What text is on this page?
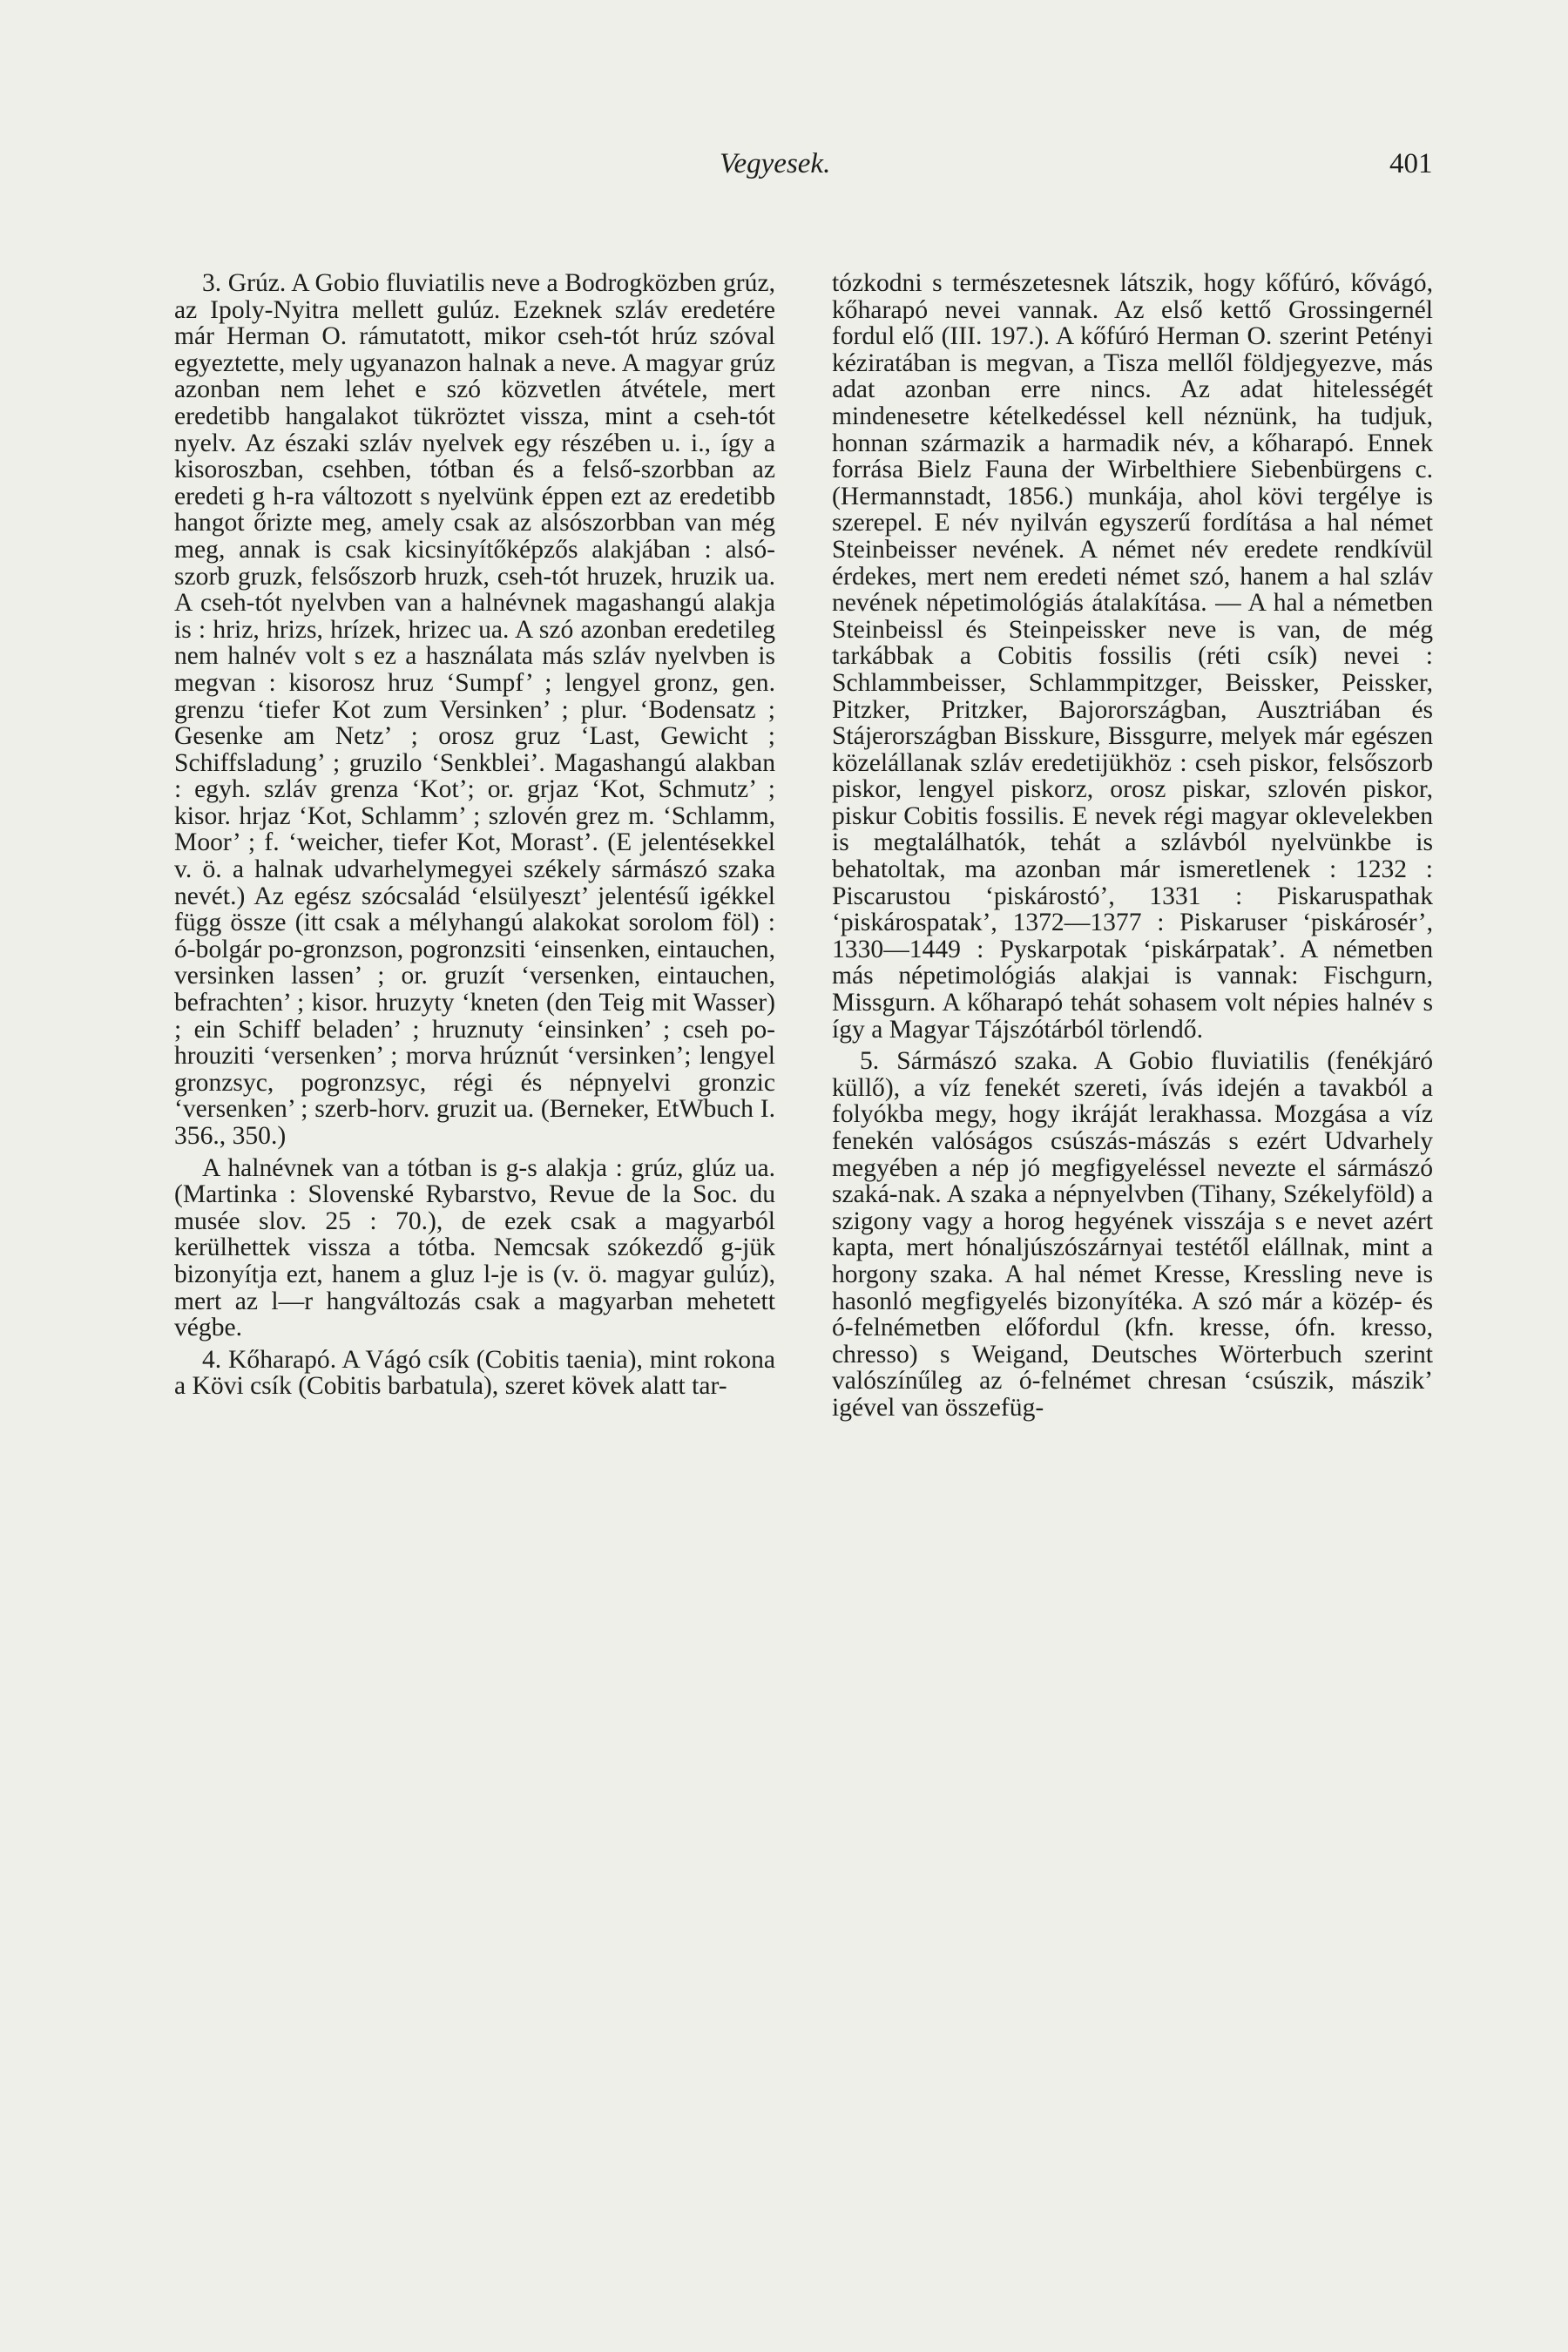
Vegyesek.	401

3. Grúz. A Gobio fluviatilis neve a Bodrogközben grúz, az Ipoly-Nyitra mellett gulúz. Ezeknek szláv eredetére már Herman O. rámutatott, mikor cseh-tót hrúz szóval egyeztette, mely ugyanazon halnak a neve. A magyar grúz azonban nem lehet e szó közvetlen átvétele, mert eredetibb hangalakot tükröztet vissza, mint a cseh-tót nyelv. Az északi szláv nyelvek egy részében u. i., így a kisoroszban, csehben, tótban és a felső-szorbban az eredeti g h-ra változott s nyelvünk éppen ezt az eredetibb hangot őrizte meg, amely csak az alsószorbban van még meg, annak is csak kicsinyítőképzős alakjában : alsó-szorb gruzk, felsőszorb hruzk, cseh-tót hruzek, hruzik ua. A cseh-tót nyelvben van a halnévnek magashangú alakja is : hriz, hrizs, hrízek, hrizec ua. A szó azonban eredetileg nem halnév volt s ez a használata más szláv nyelvben is megvan : kisorosz hruz ‘Sumpf’ ; lengyel gronz, gen. grenzu ‘tiefer Kot zum Versinken’ ; plur. ‘Bodensatz ; Gesenke am Netz’ ; orosz gruz ‘Last, Gewicht ; Schiffsladung’ ; gruzilo ‘Senkblei’. Magashangú alakban : egyh. szláv grenza ‘Kot’; or. grjaz ‘Kot, Schmutz’ ; kisor. hrjaz ‘Kot, Schlamm’ ; szlovén grez m. ‘Schlamm, Moor’ ; f. ‘weicher, tiefer Kot, Morast’. (E jelentésekkel v. ö. a halnak udvarhelymegyei székely sármászó szaka nevét.) Az egész szócsalád ‘elsülyeszt’ jelentésű igékkel függ össze (itt csak a mélyhangú alakokat sorolom föl) : ó-bolgár po-gronzson, pogronzsiti ‘einsenken, eintauchen, versinken lassen’ ; or. gruzít ‘versenken, eintauchen, befrachten’ ; kisor. hruzyty ‘kneten (den Teig mit Wasser) ; ein Schiff beladen’ ; hruznuty ‘einsinken’ ; cseh po-hrouziti ‘versenken’ ; morva hrúznút ‘versinken’; lengyel gronzsyc, pogronzsyc, régi és népnyelvi gronzic ‘versenken’ ; szerb-horv. gruzit ua. (Berneker, EtWbuch I. 356., 350.)

A halnévnek van a tótban is g-s alakja : grúz, glúz ua. (Martinka : Slovenské Rybarstvo, Revue de la Soc. du musée slov. 25 : 70.), de ezek csak a magyarból kerülhettek vissza a tótba. Nemcsak szókezdő g-jük bizonyítja ezt, hanem a gluz l-je is (v. ö. magyar gulúz), mert az l—r hangváltozás csak a magyarban mehetett végbe.

4. Kőharapó. A Vágó csík (Cobitis taenia), mint rokona a Kövi csík (Cobitis barbatula), szeret kövek alatt tar-

tózkodni s természetesnek látszik, hogy kőfúró, kővágó, kőharapó nevei vannak. Az első kettő Grossingernél fordul elő (III. 197.). A kőfúró Herman O. szerint Petényi kéziratában is megvan, a Tisza mellől földjegyezve, más adat azonban erre nincs. Az adat hitelességét mindenesetre kételkedéssel kell néznünk, ha tudjuk, honnan származik a harmadik név, a kőharapó. Ennek forrása Bielz Fauna der Wirbelthiere Siebenbürgens c. (Hermannstadt, 1856.) munkája, ahol kövi tergélye is szerepel. E név nyilván egyszerű fordítása a hal német Steinbeisser nevének. A német név eredete rendkívül érdekes, mert nem eredeti német szó, hanem a hal szláv nevének népetimológiás átalakítása. — A hal a németben Steinbeissl és Steinpeissker neve is van, de még tarkábbak a Cobitis fossilis (réti csík) nevei : Schlammbeisser, Schlammpitzger, Beissker, Peissker, Pitzker, Pritzker, Bajorországban, Ausztriában és Stájerországban Bisskure, Bissgurre, melyek már egészen közelállanak szláv eredetijükhöz : cseh piskor, felsőszorb piskor, lengyel piskorz, orosz piskar, szlovén piskor, piskur Cobitis fossilis. E nevek régi magyar oklevelekben is megtalálhatók, tehát a szlávból nyelvünkbe is behatoltak, ma azonban már ismeretlenek : 1232 : Piscarustou ‘piskárostó’, 1331 : Piskaruspathak ‘piskárospatak’, 1372—1377 : Piskaruser ‘piskárosér’, 1330—1449 : Pyskarpotak ‘piskárpatak’. A németben más népetimológiás alakjai is vannak: Fischgurn, Missgurn. A kőharapó tehát sohasem volt népies halnév s így a Magyar Tájszótárból törlendő.

5. Sármászó szaka. A Gobio fluviatilis (fenékjáró küllő), a víz fenekét szereti, ívás idején a tavakból a folyókba megy, hogy ikráját lerakhassa. Mozgása a víz fenekén valóságos csúszás-mászás s ezért Udvarhely megyében a nép jó megfigyeléssel nevezte el sármászó szaká-nak. A szaka a népnyelvben (Tihany, Székelyföld) a szigony vagy a horog hegyének visszája s e nevet azért kapta, mert hónaljúszószárnyai testétől elállnak, mint a horgony szaka. A hal német Kresse, Kressling neve is hasonló megfigyelés bizonyítéka. A szó már a közép- és ó-felnémetben előfordul (kfn. kresse, ófn. kresso, chresso) s Weigand, Deutsches Wörterbuch szerint valószínűleg az ó-felnémet chresan ‘csúszik, mászik’ igével van összefüg-
